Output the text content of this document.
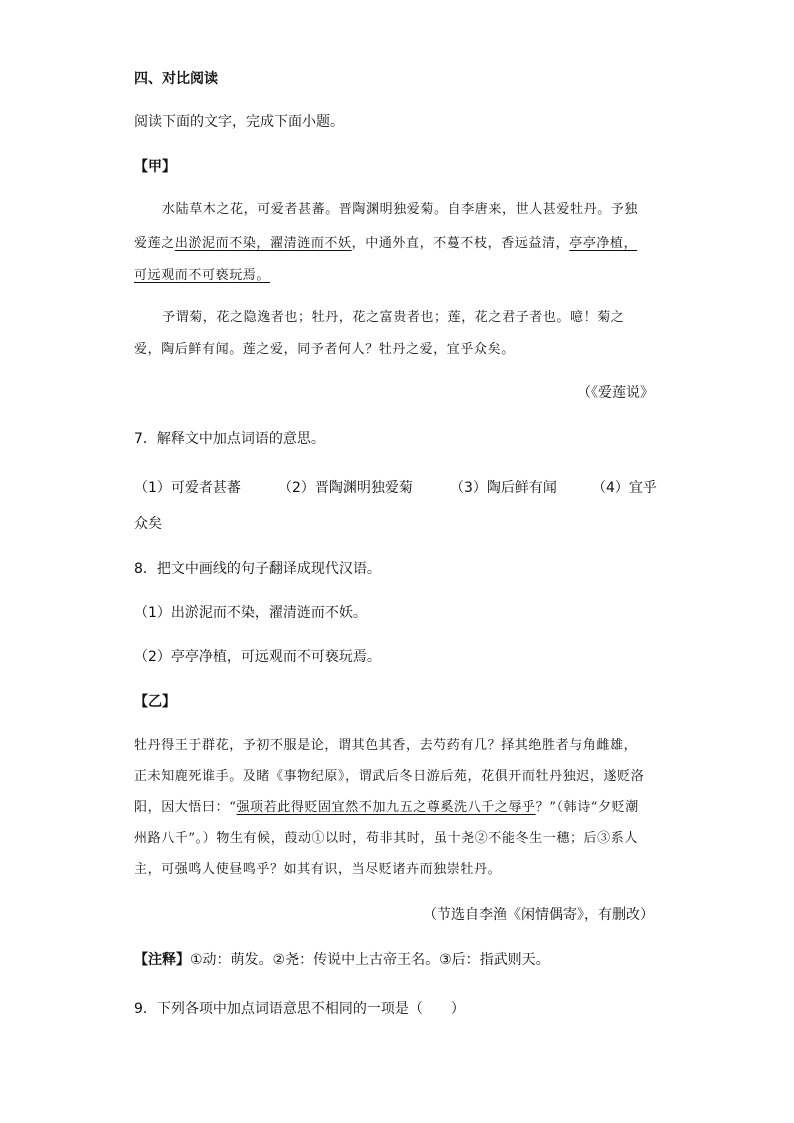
四、对比阅读
阅读下面的文字，完成下面小题。
【甲】
水陆草木之花，可爱者甚蕃。晋陶渊明独爱菊。自李唐来，世人甚爱牡丹。予独
爱莲之出淤泥而不染，濯清涟而不妖，中通外直，不蔓不枝，香远益清，亭亭净植，
可远观而不可亵玩焉。
予谓菊，花之隐逸者也；牡丹，花之富贵者也；莲，花之君子者也。噫！菊之
爱，陶后鲜有闻。莲之爱，同予者何人？牡丹之爱，宜乎众矣。
（《爱莲说》
7．解释文中加点词语的意思。
（1）可爱者甚蕃	（2）晋陶渊明独爱菊	（3）陶后鲜有闻	（4）宜乎
众矣
8．把文中画线的句子翻译成现代汉语。
（1）出淤泥而不染，濯清涟而不妖。
（2）亭亭净植，可远观而不可亵玩焉。
【乙】
牡丹得王于群花，予初不服是论，谓其色其香，去芍药有几？择其绝胜者与角雌雄，
正未知鹿死谁手。及睹《事物纪原》，谓武后冬日游后苑，花俱开而牡丹独迟，遂贬洛
阳，因大悟曰：“强项若此得贬固宜然不加九五之尊奚洗八千之辱乎？”（韩诗“夕贬潮
州路八千”。）物生有候，葭动①以时，苟非其时，虽十尧②不能冬生一穗；后③系人
主，可强鸣人使昼鸣乎？如其有识，当尽贬诸卉而独崇牡丹。
（节选自李渔《闲情偶寄》，有删改）
【注释】①动：萌发。②尧：传说中上古帝王名。③后：指武则天。
9．下列各项中加点词语意思不相同的一项是（　　）
